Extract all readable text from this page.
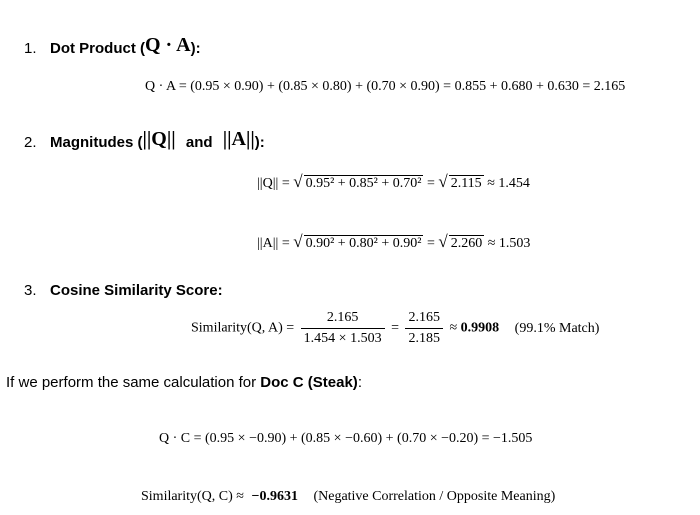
1. Dot Product (Q · A):
Q · A = (0.95 × 0.90) + (0.85 × 0.80) + (0.70 × 0.90) = 0.855 + 0.680 + 0.630 = 2.165
2. Magnitudes (||Q|| and ||A||):
||Q|| = √ 0.95² + 0.85² + 0.70² = √ 2.115 ≈ 1.454
||A|| = √ 0.90² + 0.80² + 0.90² = √ 2.260 ≈ 1.503
3. Cosine Similarity Score:
Similarity(Q, $A) = \frac{2.165}{1.454 \times 1.503} = \frac{2.165}{2.185} \approx 0.9908$ (99.1% Match)
If we perform the same calculation for Doc C (Steak):
Q · C = (0.95 × −0.90) + (0.85 × −0.60) + (0.70 × −0.20) = −1.505
Similarity(Q, C) ≈ −0.9631 (Negative Correlation / Opposite Meaning)
